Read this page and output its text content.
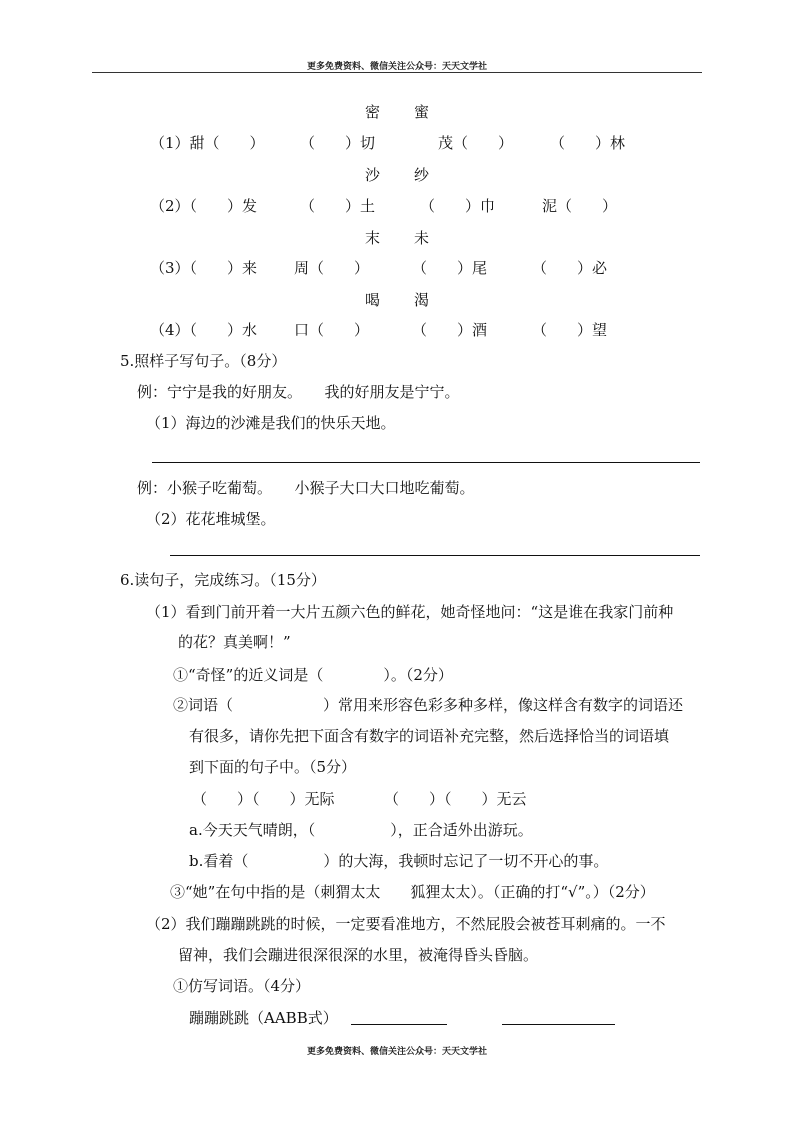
更多免费资料、微信关注公众号：天天文学社
密 蜜
（1）甜（　　） （　　）切	茂（　　） （　　）林
沙 纱
（2）（　　）发	（　　）土	（　　）巾	泥（　　）
末 未
（3）（　　）来 周（　　）	（　　）尾	（　　）必
喝 渴
（4）（　　）水 口（　　）	（　　）酒	（　　）望
5.照样子写句子。（8分）
例：宁宁是我的好朋友。　　我的好朋友是宁宁。
（1）海边的沙滩是我们的快乐天地。
例：小猴子吃葡萄。　　小猴子大口大口地吃葡萄。
（2）花花堆城堡。
6.读句子，完成练习。（15分）
（1）看到门前开着一大片五颜六色的鲜花，她奇怪地问：“这是谁在我家门前种
的花？真美啊！”
①“奇怪”的近义词是（　　　　）。（2分）
②词语（　　　　　　）常用来形容色彩多种多样，像这样含有数字的词语还
有很多，请你先把下面含有数字的词语补充完整，然后选择恰当的词语填
到下面的句子中。（5分）
（　　）（　　）无际	（　　）（　　）无云
a.今天天气晴朗，（　　　　　），正合适外出游玩。
b.看着（　　　　　）的大海，我顿时忘记了一切不开心的事。
③“她”在句中指的是（刺猬太太　　狐狸太太）。（正确的打“√”。）（2分）
（2）我们蹦蹦跳跳的时候，一定要看准地方，不然屁股会被苍耳刺痛的。一不
留神，我们会蹦进很深很深的水里，被淹得昏头昏脑。
①仿写词语。（4分）
蹦蹦跳跳（AABB式）
更多免费资料、微信关注公众号：天天文学社
